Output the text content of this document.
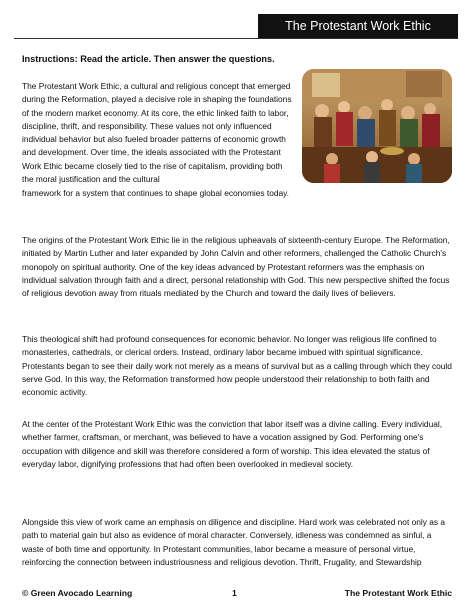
The Protestant Work Ethic
Instructions: Read the article. Then answer the questions.

The Protestant Work Ethic, a cultural and religious concept that emerged during the Reformation, played a decisive role in shaping the foundations of the modern market economy. At its core, the ethic linked faith to labor, discipline, thrift, and responsibility. These values not only influenced individual behavior but also fueled broader patterns of economic growth and development. Over time, the ideals associated with the Protestant Work Ethic became closely tied to the rise of capitalism, providing both the moral justification and the cultural

framework for a system that continues to shape global economies today.

The origins of the Protestant Work Ethic lie in the religious upheavals of sixteenth-century Europe. The Reformation, initiated by Martin Luther and later expanded by John Calvin and other reformers, challenged the Catholic Church's monopoly on spiritual authority. One of the key ideas advanced by Protestant reformers was the emphasis on individual salvation through faith and a direct, personal relationship with God. This new perspective shifted the focus of religious devotion away from rituals mediated by the Church and toward the daily lives of believers.

This theological shift had profound consequences for economic behavior. No longer was religious life confined to monasteries, cathedrals, or clerical orders. Instead, ordinary labor became imbued with spiritual significance. Protestants began to see their daily work not merely as a means of survival but as a calling through which they could serve God. In this way, the Reformation transformed how people understood their relationship to both faith and economic activity.

At the center of the Protestant Work Ethic was the conviction that labor itself was a divine calling. Every individual, whether farmer, craftsman, or merchant, was believed to have a vocation assigned by God. Performing one's occupation with diligence and skill was therefore considered a form of worship. This idea elevated the status of everyday labor, dignifying professions that had often been overlooked in medieval society.

Alongside this view of work came an emphasis on diligence and discipline. Hard work was celebrated not only as a path to material gain but also as evidence of moral character. Conversely, idleness was condemned as sinful, a waste of both time and opportunity. In Protestant communities, labor became a measure of personal virtue, reinforcing the connection between industriousness and religious devotion. Thrift, Frugality, and Stewardship

© Green Avocado Learning	1	The Protestant Work Ethic
